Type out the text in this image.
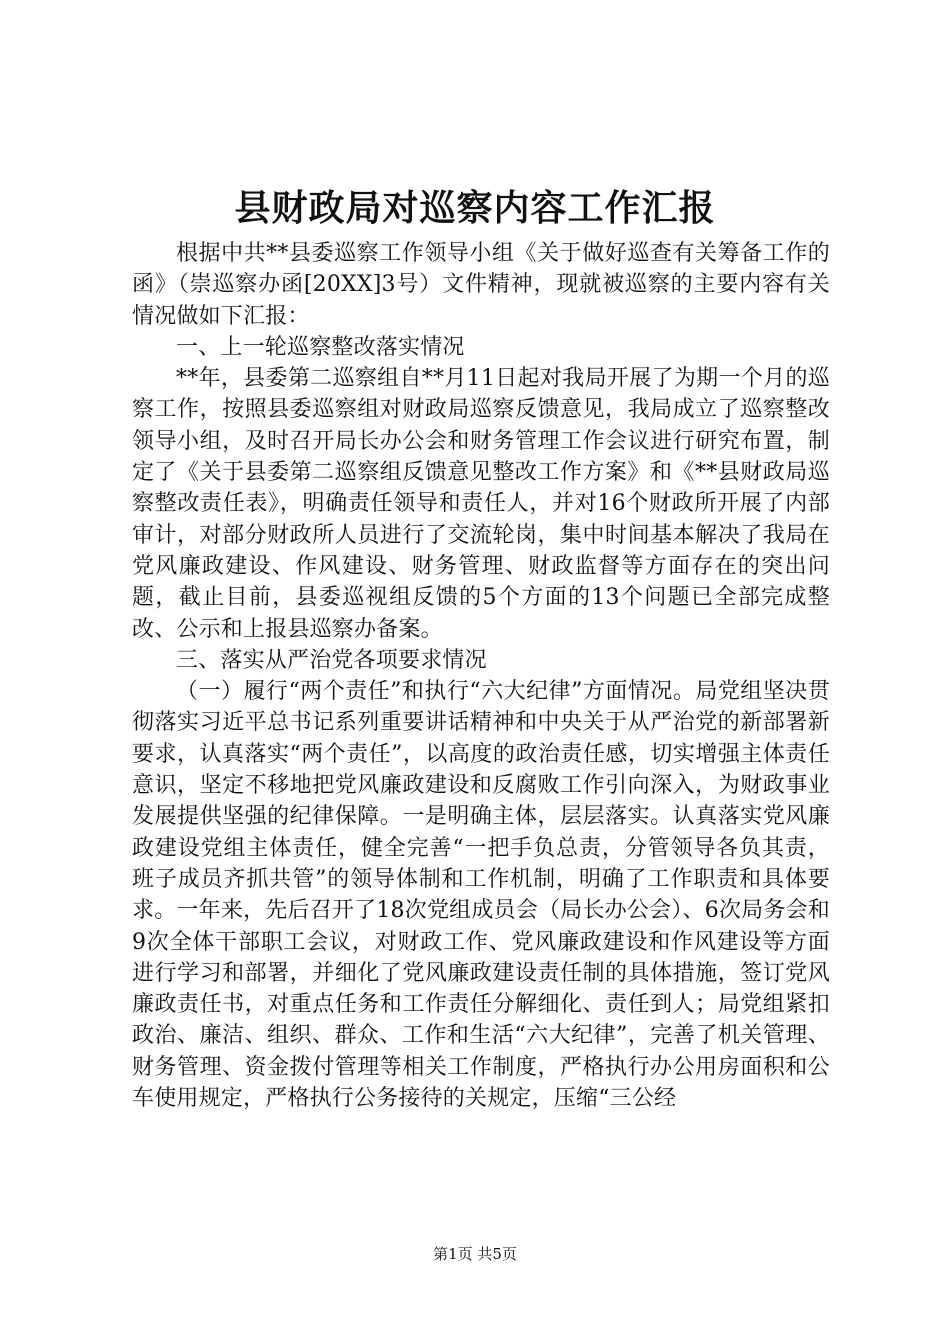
县财政局对巡察内容工作汇报

根据中共**县委巡察工作领导小组《关于做好巡查有关筹备工作的函》（崇巡察办函[20XX]3号）文件精神，现就被巡察的主要内容有关情况做如下汇报：

一、上一轮巡察整改落实情况

**年，县委第二巡察组自**月11日起对我局开展了为期一个月的巡察工作，按照县委巡察组对财政局巡察反馈意见，我局成立了巡察整改领导小组，及时召开局长办公会和财务管理工作会议进行研究布置，制定了《关于县委第二巡察组反馈意见整改工作方案》和《**县财政局巡察整改责任表》，明确责任领导和责任人，并对16个财政所开展了内部审计，对部分财政所人员进行了交流轮岗，集中时间基本解决了我局在党风廉政建设、作风建设、财务管理、财政监督等方面存在的突出问题，截止目前，县委巡视组反馈的5个方面的13个问题已全部完成整改、公示和上报县巡察办备案。

三、落实从严治党各项要求情况

（一）履行“两个责任”和执行“六大纪律”方面情况。局党组坚决贯彻落实习近平总书记系列重要讲话精神和中央关于从严治党的新部署新要求，认真落实“两个责任”，以高度的政治责任感，切实增强主体责任意识，坚定不移地把党风廉政建设和反腐败工作引向深入，为财政事业发展提供坚强的纪律保障。一是明确主体，层层落实。认真落实党风廉政建设党组主体责任，健全完善“一把手负总责，分管领导各负其责，班子成员齐抓共管”的领导体制和工作机制，明确了工作职责和具体要求。一年来，先后召开了18次党组成员会（局长办公会）、6次局务会和9次全体干部职工会议，对财政工作、党风廉政建设和作风建设等方面进行学习和部署，并细化了党风廉政建设责任制的具体措施，签订党风廉政责任书，对重点任务和工作责任分解细化、责任到人；局党组紧扣政治、廉洁、组织、群众、工作和生活“六大纪律”，完善了机关管理、财务管理、资金拨付管理等相关工作制度，严格执行办公用房面积和公车使用规定，严格执行公务接待的关规定，压缩“三公经

第1页 共5页
